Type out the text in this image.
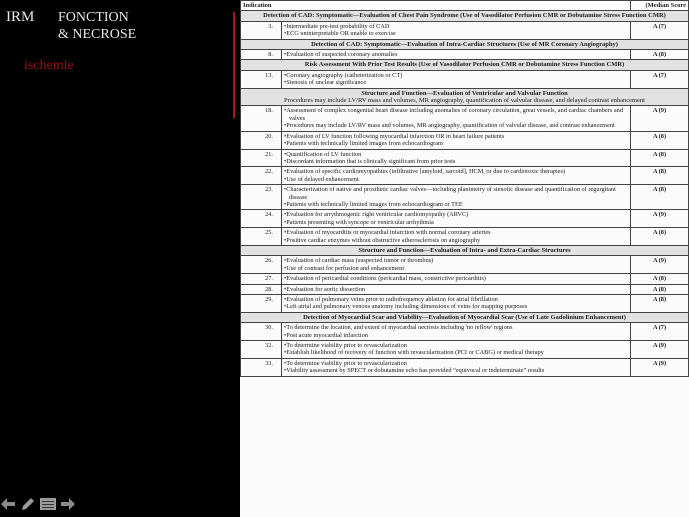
IRM FONCTION
& NECROSE
ischemie
Indication		(Median Score
Detection of CAD: Symptomatic—Evaluation of Chest Pain Syndrome (Use of Vasodilator Perfusion CMR or Dobutamine Stress Function CMR)		
3.	• Intermediate pre-test probability of CAD
• ECG uninterpretable OR unable to exercise	A (7)
Detection of CAD: Symptomatic—Evaluation of Intra-Cardiac Structures (Use of MR Coronary Angiography)		
8.	• Evaluation of suspected coronary anomalies	A (8)
Risk Assessment With Prior Test Results (Use of Vasodilator Perfusion CMR or Dobutamine Stress Function CMR)		
13.	• Coronary angiography (catheterization or CT)
• Stenosis of unclear significance	A (7)
Structure and Function—Evaluation of Ventricular and Valvular Function
Procedures may include LV/RV mass and volumes, MR angiography, quantification of valvular disease, and delayed contrast enhancement		

18.	• Assessment of complex congenital heart disease including anomalies of coronary circulation, great vessels, and cardiac chambers and valves
• Procedures may include LV/RV mass and volumes, MR angiography, quantification of valvular disease, and contrast enhancement	A (9)
20.	• Evaluation of LV function following myocardial infarction OR in heart failure patients
• Patients with technically limited images from echocardiogram	A (8)
21.	• Quantification of LV function
• Discordant information that is clinically significant from prior tests	A (8)
22.	• Evaluation of specific cardiomyopathies (infiltrative [amyloid, sarcoid], HCM, or due to cardiotoxic therapies)
• Use of delayed enhancement	A (8)
23.	• Characterization of native and prosthetic cardiac valves—including planimetry of stenotic disease and quantification of regurgitant disease
• Patients with technically limited images from echocardiogram or TEE	A (8)
24.	• Evaluation for arrythmogenic right ventricular cardiomyopathy (ARVC)
• Patients presenting with syncope or ventricular arrhythmia	A (9)
25.	• Evaluation of myocarditis or myocardial infarction with normal coronary arteries
• Positive cardiac enzymes without obstructive atherosclerosis on angiography	A (8)
Structure and Function—Evaluation of Intra- and Extra-Cardiac Structures		
26.	• Evaluation of cardiac mass (suspected tumor or thrombus)
• Use of contrast for perfusion and enhancement	A (9)
27.	• Evaluation of pericardial conditions (pericardial mass, constrictive pericarditis)	A (8)
28.	• Evaluation for aortic dissection	A (8)
29.	• Evaluation of pulmonary veins prior to radiofrequency ablation for atrial fibrillation
• Left atrial and pulmonary venous anatomy including dimensions of veins for mapping purposes	A (8)
Detection of Myocardial Scar and Viability—Evaluation of Myocardial Scar (Use of Late Gadolinium Enhancement)		
30.	• To determine the location, and extent of myocardial necrosis including 'no reflow' regions
• Post acute myocardial infarction	A (7)
32.	• To determine viability prior to revascularization
• Establish likelihood of recovery of function with revascularization (PCI or CABG) or medical therapy	A (9)
33.	• To determine viability prior to revascularization
• Viability assessment by SPECT or dobutamine echo has provided “equivocal or indeterminate” results	A (9)
